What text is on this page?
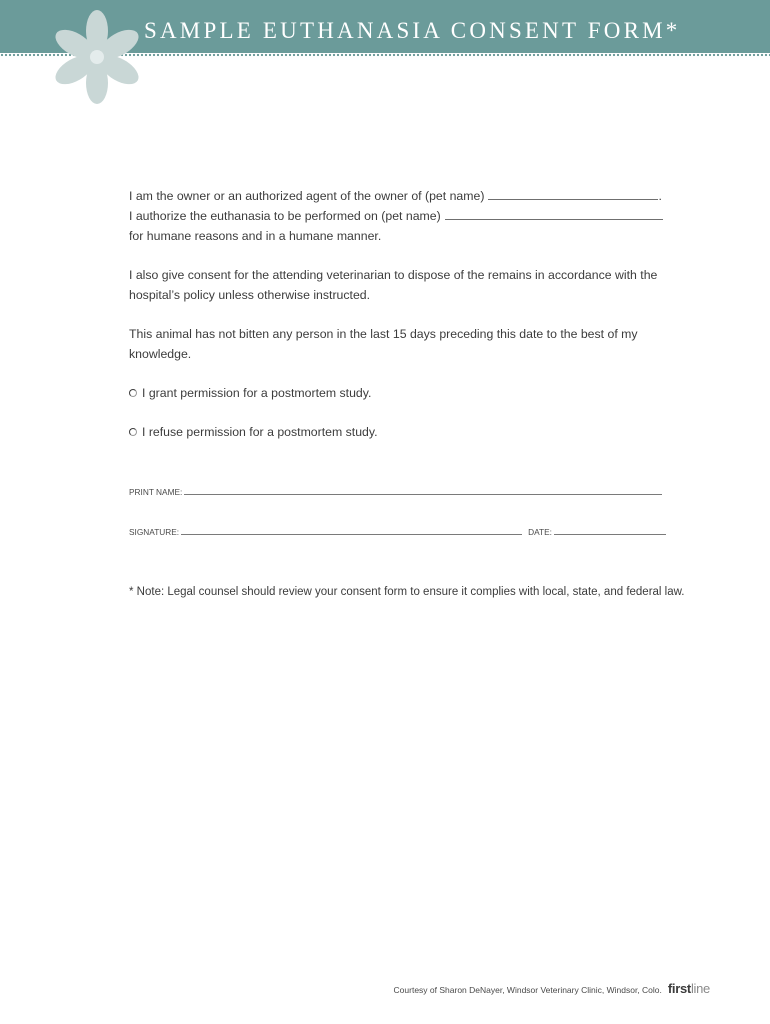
SAMPLE EUTHANASIA CONSENT FORM*
I am the owner or an authorized agent of the owner of (pet name)	.
I authorize the euthanasia to be performed on (pet name)

for humane reasons and in a humane manner.

I also give consent for the attending veterinarian to dispose of the remains in accordance with the hospital’s policy unless otherwise instructed.

This animal has not bitten any person in the last 15 days preceding this date to the best of my knowledge.

I grant permission for a postmortem study.
I refuse permission for a postmortem study.
PRINT NAME:
SIGNATURE:	DATE:

* Note: Legal counsel should review your consent form to ensure it complies with local, state, and federal law.

Courtesy of Sharon DeNayer, Windsor Veterinary Clinic, Windsor, Colo. firstline
